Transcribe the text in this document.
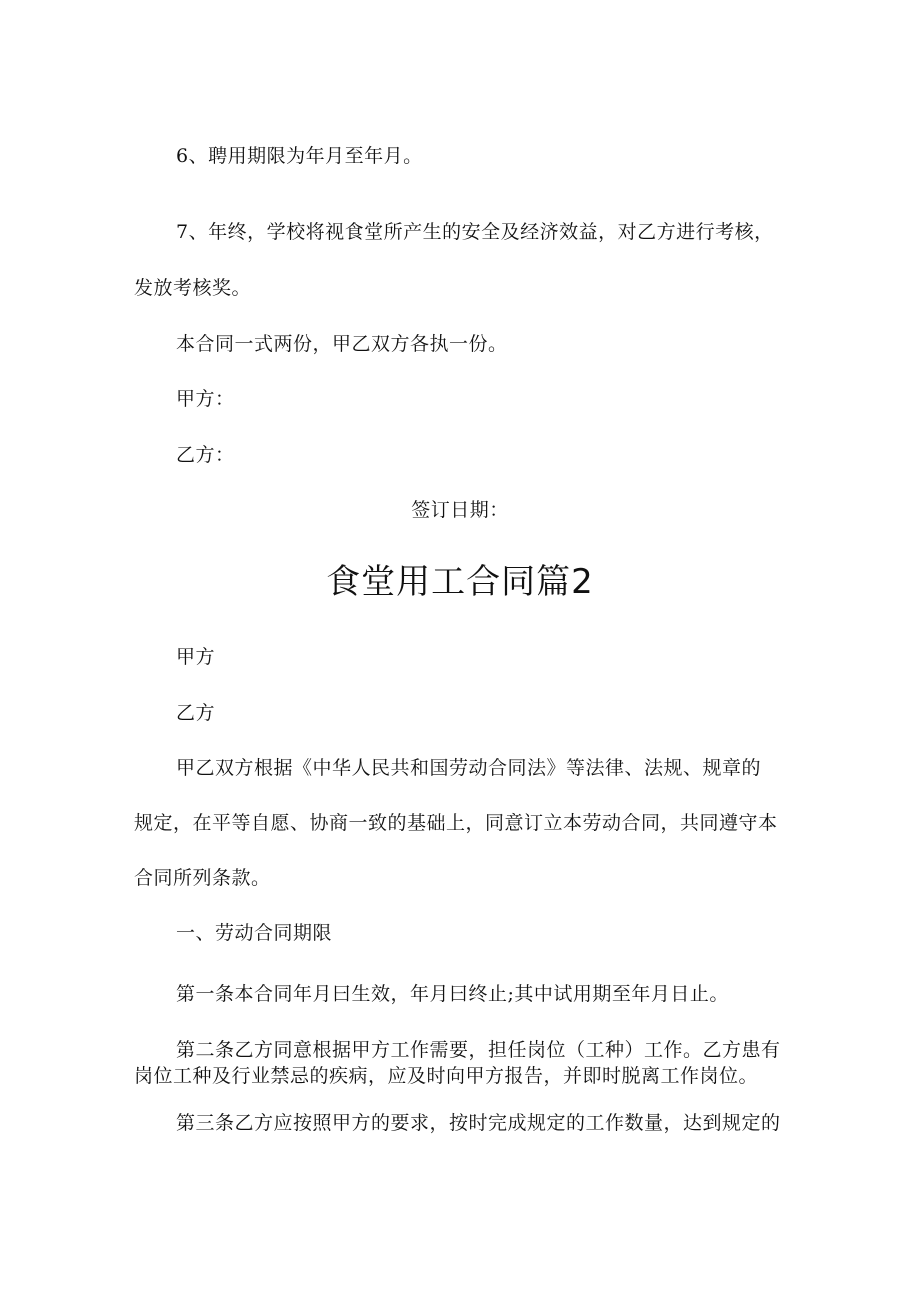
6、聘用期限为年月至年月。
7、年终，学校将视食堂所产生的安全及经济效益，对乙方进行考核，
发放考核奖。
本合同一式两份，甲乙双方各执一份。
甲方：
乙方：
签订日期：
食堂用工合同篇2
甲方
乙方
甲乙双方根据《中华人民共和国劳动合同法》等法律、法规、规章的
规定，在平等自愿、协商一致的基础上，同意订立本劳动合同，共同遵守本
合同所列条款。
一、劳动合同期限
第一条本合同年月曰生效，年月曰终止;其中试用期至年月日止。
第二条乙方同意根据甲方工作需要，担任岗位（工种）工作。乙方患有
岗位工种及行业禁忌的疾病，应及时向甲方报告，并即时脱离工作岗位。
第三条乙方应按照甲方的要求，按时完成规定的工作数量，达到规定的
